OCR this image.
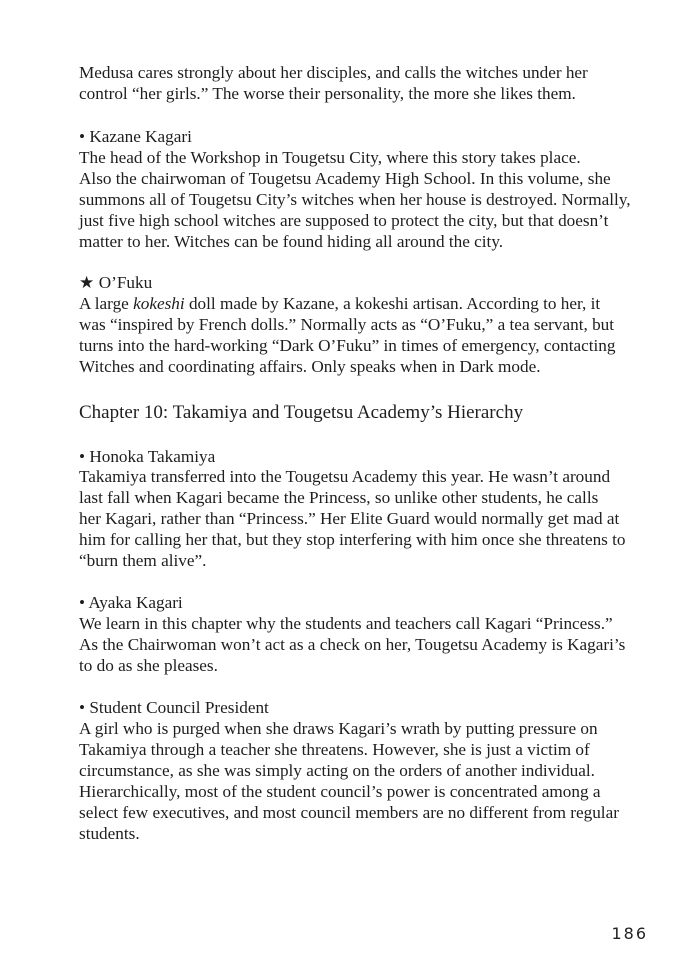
Medusa cares strongly about her disciples, and calls the witches under her
control “her girls.” The worse their personality, the more she likes them.
• Kazane Kagari
The head of the Workshop in Tougetsu City, where this story takes place.
Also the chairwoman of Tougetsu Academy High School. In this volume, she
summons all of Tougetsu City’s witches when her house is destroyed. Normally,
just five high school witches are supposed to protect the city, but that doesn’t
matter to her. Witches can be found hiding all around the city.
★ O’Fuku
A large kokeshi doll made by Kazane, a kokeshi artisan. According to her, it
was “inspired by French dolls.” Normally acts as “O’Fuku,” a tea servant, but
turns into the hard-working “Dark O’Fuku” in times of emergency, contacting
Witches and coordinating affairs. Only speaks when in Dark mode.
Chapter 10: Takamiya and Tougetsu Academy’s Hierarchy
• Honoka Takamiya
Takamiya transferred into the Tougetsu Academy this year. He wasn’t around
last fall when Kagari became the Princess, so unlike other students, he calls
her Kagari, rather than “Princess.” Her Elite Guard would normally get mad at
him for calling her that, but they stop interfering with him once she threatens to
“burn them alive”.
• Ayaka Kagari
We learn in this chapter why the students and teachers call Kagari “Princess.”
As the Chairwoman won’t act as a check on her, Tougetsu Academy is Kagari’s
to do as she pleases.
• Student Council President
A girl who is purged when she draws Kagari’s wrath by putting pressure on
Takamiya through a teacher she threatens. However, she is just a victim of
circumstance, as she was simply acting on the orders of another individual.
Hierarchically, most of the student council’s power is concentrated among a
select few executives, and most council members are no different from regular
students.
186
